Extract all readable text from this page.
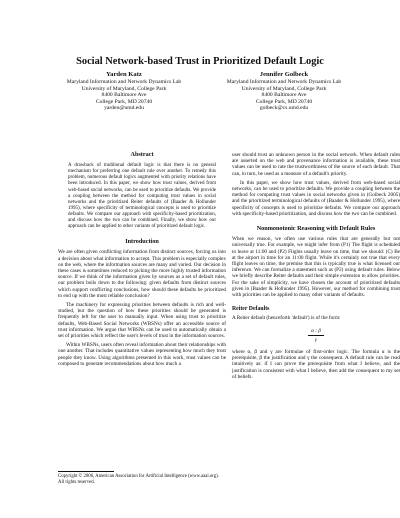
Social Network-based Trust in Prioritized Default Logic
Yarden Katz
Maryland Information and Network Dynamics Lab
University of Maryland, College Park
8400 Baltimore Ave
College Park, MD 20740
yarden@umd.edu
Jennifer Golbeck
Maryland Information and Network Dynamics Lab
University of Maryland, College Park
8400 Baltimore Ave
College Park, MD 20740
golbeck@cs.umd.edu
Abstract

A drawback of traditional default logic is that there is no general mechanism for preferring one default rule over another. To remedy this problem, numerous default logics augmented with priority relations have been introduced. In this paper, we show how trust values, derived from web-based social networks, can be used to prioritize defaults. We provide a coupling between the method for computing trust values in social networks and the prioritized Reiter defaults of (Baader & Hollunder 1995), where specificity of terminological concepts is used to prioritize defaults. We compare our approach with specificity-based prioritization, and discuss how the two can be combined. Finally, we show how our approach can be applied to other variants of prioritized default logic.

Introduction

We are often given conflicting information from distinct sources, forcing us into a decision about what information to accept. This problem is especially complex on the web, where the information sources are many and varied. Our decision in these cases is sometimes reduced to picking the more highly trusted information source. If we think of the information given by sources as a set of default rules, our problem boils down to the following: given defaults from distinct sources which support conflicting conclusions, how should these defaults be prioritized to end up with the most reliable conclusion?

The machinery for expressing priorities between defaults is rich and well-studied, but the question of how these priorities should be generated is frequently left for the user to manually input. When using trust to prioritize defaults, Web-Based Social Networks (WBSNs) offer an accessible source of trust information. We argue that WBSNs can be used to automatically obtain a set of priorities which reflect the user's levels of trust in the information sources.

Within WBSNs, users often reveal information about their relationships with one another. That includes quantitative values representing how much they trust people they know. Using algorithms presented in this work, trust values can be composed to generate recommendations about how much a

user should trust an unknown person in the social network. When default rules are asserted on the web and provenance information is available, these trust values can be used to rate the trustworthiness of the source of each default. That can, in turn, be used as a measure of a default's priority.

In this paper, we show how trust values, derived from web-based social networks, can be used to prioritize defaults. We provide a coupling between the method for computing trust values in social networks given in (Golbeck 2005) and the prioritized terminological defaults of (Baader & Hollunder 1995), where specificity of concepts is used to prioritize defaults. We compare our approach with specificity-based prioritization, and discuss how the two can be combined.

Nonmonotonic Reasoning with Default Rules

When we reason, we often use various rules that are generally but not universally true. For example, we might infer from (P1) The flight is scheduled to leave at 11:00 and (P2) Flights usually leave on time, that we should: (C) Be at the airport in time for an 11:00 flight. While it's certainly not true that every flight leaves on time, the premise that this is typically true is what licensed our inference. We can formalize a statement such as (P2) using default rules. Below we briefly describe Reiter defaults and their simple extension to allow priorities. For the sake of simplicity, we have chosen the account of prioritized defaults given in (Baader & Hollunder 1995). However, our method for combining trust with priorities can be applied to many other variants of defaults.

Reiter Defaults

A Reiter default (henceforth 'default') is of the form:

$\frac{\alpha : \beta}{\gamma}$

where α, β and γ are formulae of first-order logic. The formula α is the prerequisite, β the justification and γ the consequent. A default rule can be read intuitively as: if I can prove the prerequisite from what I believe, and the justification is consistent with what I believe, then add the consequent to my set of beliefs.

Copyright © 2006, American Association for Artificial Intelligence (www.aaai.org). All rights reserved.
